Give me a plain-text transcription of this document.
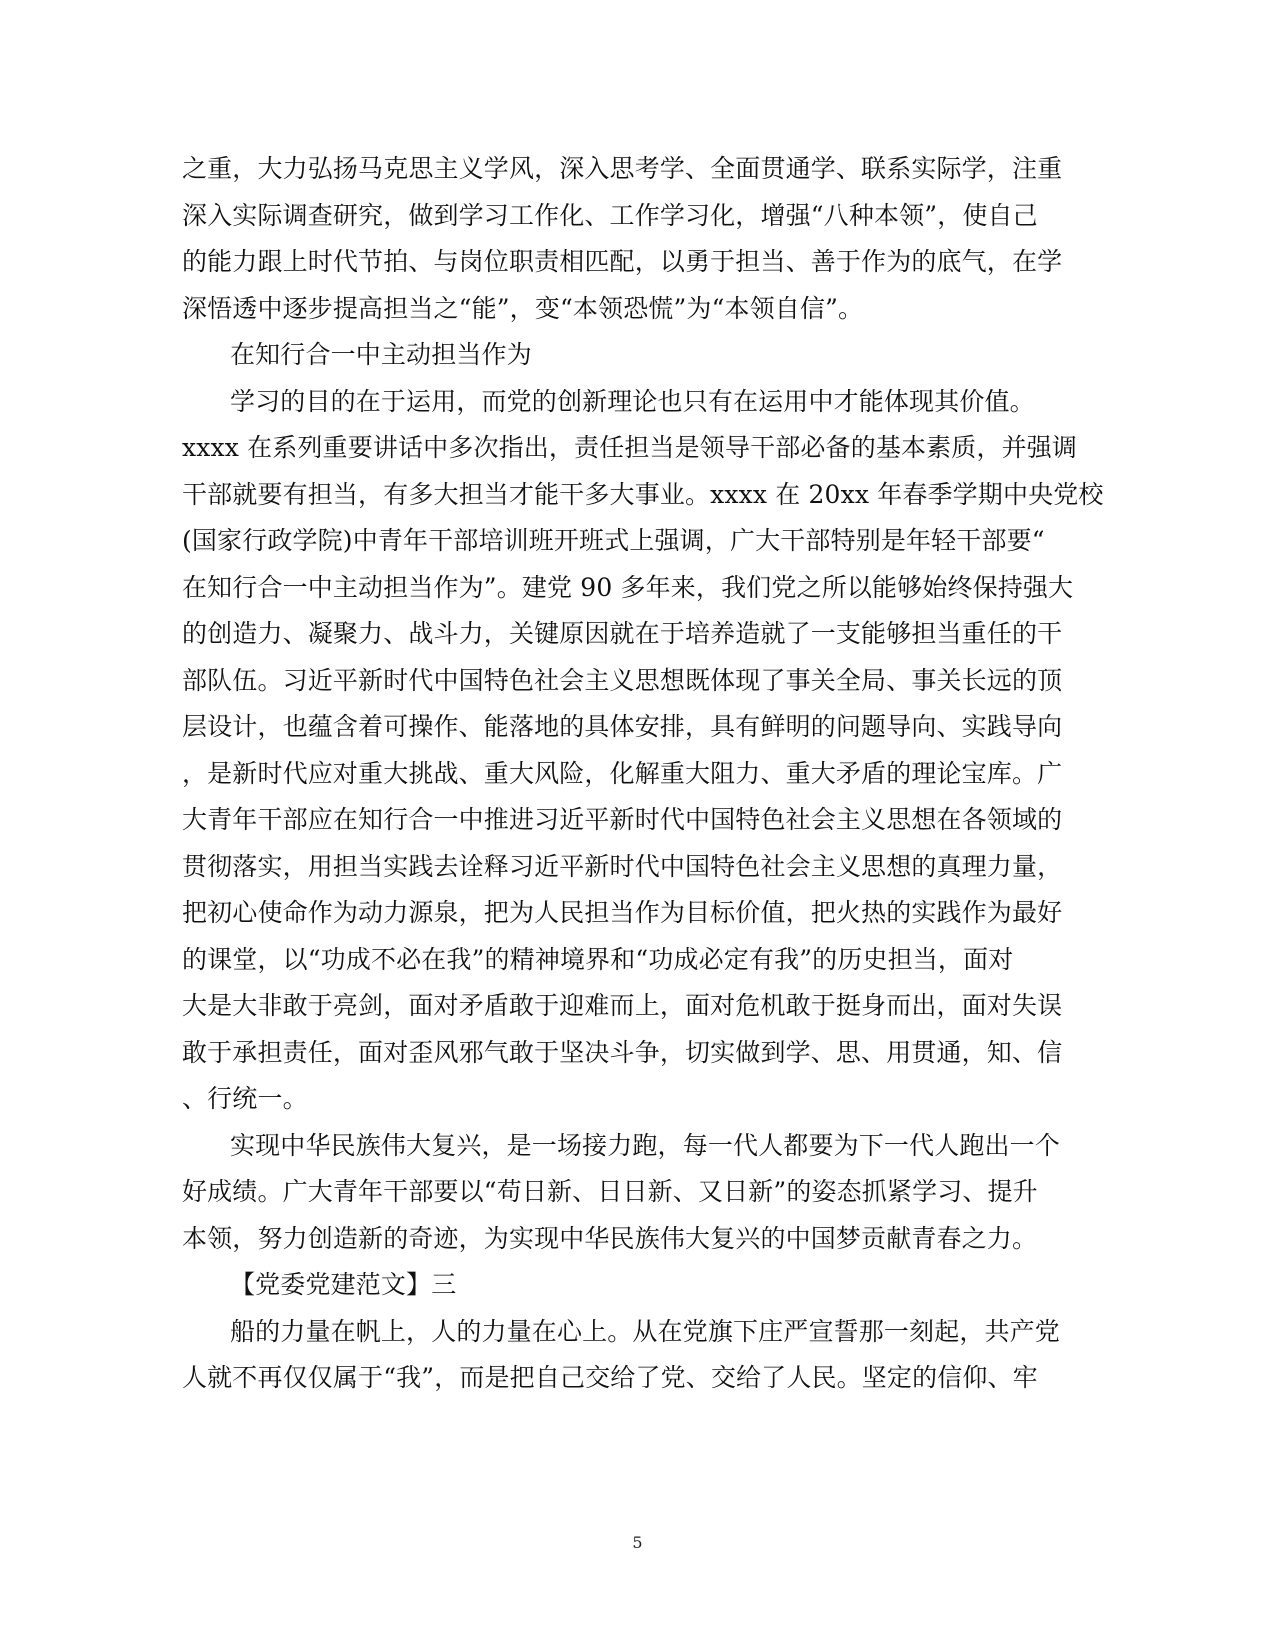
之重，大力弘扬马克思主义学风，深入思考学、全面贯通学、联系实际学，注重
深入实际调查研究，做到学习工作化、工作学习化，增强“八种本领”，使自己
的能力跟上时代节拍、与岗位职责相匹配，以勇于担当、善于作为的底气，在学
深悟透中逐步提高担当之“能”，变“本领恐慌”为“本领自信”。
在知行合一中主动担当作为
学习的目的在于运用，而党的创新理论也只有在运用中才能体现其价值。
xxxx 在系列重要讲话中多次指出，责任担当是领导干部必备的基本素质，并强调
干部就要有担当，有多大担当才能干多大事业。xxxx 在 20xx 年春季学期中央党校
(国家行政学院)中青年干部培训班开班式上强调，广大干部特别是年轻干部要“
在知行合一中主动担当作为”。建党 90 多年来，我们党之所以能够始终保持强大
的创造力、凝聚力、战斗力，关键原因就在于培养造就了一支能够担当重任的干
部队伍。习近平新时代中国特色社会主义思想既体现了事关全局、事关长远的顶
层设计，也蕴含着可操作、能落地的具体安排，具有鲜明的问题导向、实践导向
，是新时代应对重大挑战、重大风险，化解重大阻力、重大矛盾的理论宝库。广
大青年干部应在知行合一中推进习近平新时代中国特色社会主义思想在各领域的
贯彻落实，用担当实践去诠释习近平新时代中国特色社会主义思想的真理力量，
把初心使命作为动力源泉，把为人民担当作为目标价值，把火热的实践作为最好
的课堂，以“功成不必在我”的精神境界和“功成必定有我”的历史担当，面对
大是大非敢于亮剑，面对矛盾敢于迎难而上，面对危机敢于挺身而出，面对失误
敢于承担责任，面对歪风邪气敢于坚决斗争，切实做到学、思、用贯通，知、信
、行统一。
实现中华民族伟大复兴，是一场接力跑，每一代人都要为下一代人跑出一个
好成绩。广大青年干部要以“苟日新、日日新、又日新”的姿态抓紧学习、提升
本领，努力创造新的奇迹，为实现中华民族伟大复兴的中国梦贡献青春之力。
【党委党建范文】三
船的力量在帆上，人的力量在心上。从在党旗下庄严宣誓那一刻起，共产党
人就不再仅仅属于“我”，而是把自己交给了党、交给了人民。坚定的信仰、牢
5
